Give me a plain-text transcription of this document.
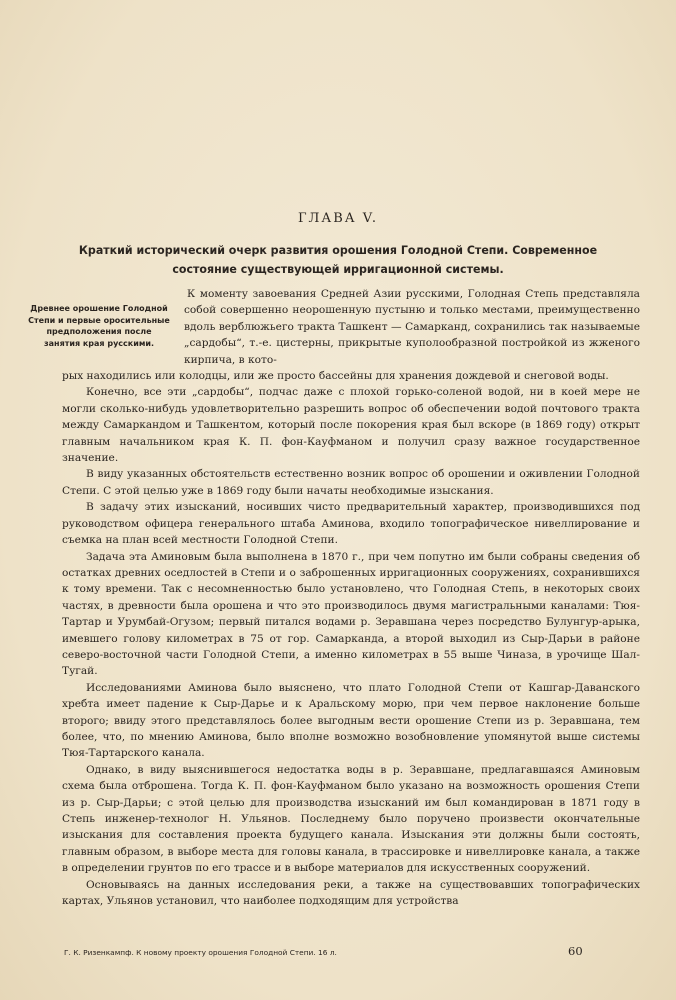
ГЛАВА V.
Краткий исторический очерк развития орошения Голодной Степи. Современное состояние существующей ирригационной системы.
Древнее орошение Голодной Степи и первые оросительные предположения после занятия края русскими.

К моменту завоевания Средней Азии русскими, Голодная Степь представляла собой совершенно неорошенную пустыню и только местами, преимущественно вдоль верблюжьего тракта Ташкент — Самарканд, сохранились так называемые „сардобы“, т.-е. цистерны, прикрытые куполообразной постройкой из жженого кирпича, в кото-

рых находились или колодцы, или же просто бассейны для хранения дождевой и снеговой воды.

Конечно, все эти „сардобы“, подчас даже с плохой горько-соленой водой, ни в коей мере не могли сколько-нибудь удовлетворительно разрешить вопрос об обеспечении водой почтового тракта между Самаркандом и Ташкентом, который после покорения края был вскоре (в 1869 году) открыт главным начальником края К. П. фон-Кауфманом и получил сразу важное государственное значение.

В виду указанных обстоятельств естественно возник вопрос об орошении и оживлении Голодной Степи. С этой целью уже в 1869 году были начаты необходимые изыскания.

В задачу этих изысканий, носивших чисто предварительный характер, производившихся под руководством офицера генерального штаба Аминова, входило топографическое нивеллирование и съемка на план всей местности Голодной Степи.

Задача эта Аминовым была выполнена в 1870 г., при чем попутно им были собраны сведения об остатках древних оседлостей в Степи и о заброшенных ирригационных сооружениях, сохранившихся к тому времени. Так с несомненностью было установлено, что Голодная Степь, в некоторых своих частях, в древности была орошена и что это производилось двумя магистральными каналами: Тюя-Тартар и Урумбай-Огузом; первый питался водами р. Зеравшана через посредство Булунгур-арыка, имевшего голову километрах в 75 от гор. Самарканда, а второй выходил из Сыр-Дарьи в районе северо-восточной части Голодной Степи, а именно километрах в 55 выше Чиназа, в урочище Шал-Тугай.

Исследованиями Аминова было выяснено, что плато Голодной Степи от Кашгар-Даванского хребта имеет падение к Сыр-Дарье и к Аральскому морю, при чем первое наклонение больше второго; ввиду этого представлялось более выгодным вести орошение Степи из р. Зеравшана, тем более, что, по мнению Аминова, было вполне возможно возобновление упомянутой выше системы Тюя-Тартарского канала.

Однако, в виду выяснившегося недостатка воды в р. Зеравшане, предлагавшаяся Аминовым схема была отброшена. Тогда К. П. фон-Кауфманом было указано на возможность орошения Степи из р. Сыр-Дарьи; с этой целью для производства изысканий им был командирован в 1871 году в Степь инженер-технолог Н. Ульянов. Последнему было поручено произвести окончательные изыскания для составления проекта будущего канала. Изыскания эти должны были состоять, главным образом, в выборе места для головы канала, в трассировке и нивеллировке канала, а также в определении грунтов по его трассе и в выборе материалов для искусственных сооружений.

Основываясь на данных исследования реки, а также на существовавших топографических картах, Ульянов установил, что наиболее подходящим для устройства

Г. К. Ризенкампф. К новому проекту орошения Голодной Степи. 16 л.	60
